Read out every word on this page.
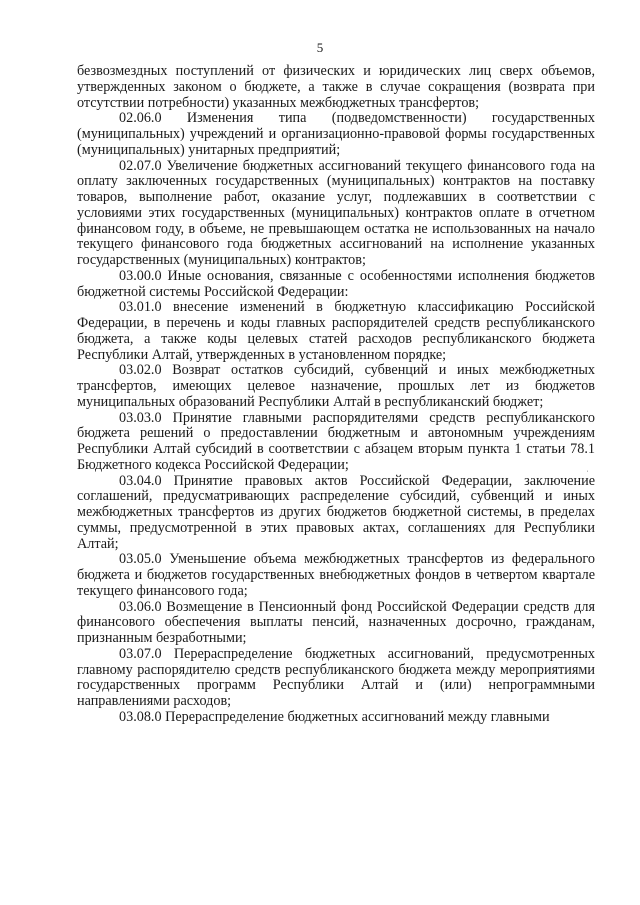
5

безвозмездных поступлений от физических и юридических лиц сверх объемов, утвержденных законом о бюджете, а также в случае сокращения (возврата при отсутствии потребности) указанных межбюджетных трансфертов;

02.06.0 Изменения типа (подведомственности) государственных (муниципальных) учреждений и организационно-правовой формы государственных (муниципальных) унитарных предприятий;

02.07.0 Увеличение бюджетных ассигнований текущего финансового года на оплату заключенных государственных (муниципальных) контрактов на поставку товаров, выполнение работ, оказание услуг, подлежавших в соответствии с условиями этих государственных (муниципальных) контрактов оплате в отчетном финансовом году, в объеме, не превышающем остатка не использованных на начало текущего финансового года бюджетных ассигнований на исполнение указанных государственных (муниципальных) контрактов;

03.00.0 Иные основания, связанные с особенностями исполнения бюджетов бюджетной системы Российской Федерации:

03.01.0 внесение изменений в бюджетную классификацию Российской Федерации, в перечень и коды главных распорядителей средств республиканского бюджета, а также коды целевых статей расходов республиканского бюджета Республики Алтай, утвержденных в установленном порядке;

03.02.0 Возврат остатков субсидий, субвенций и иных межбюджетных трансфертов, имеющих целевое назначение, прошлых лет из бюджетов муниципальных образований Республики Алтай в республиканский бюджет;

03.03.0 Принятие главными распорядителями средств республиканского бюджета решений о предоставлении бюджетным и автономным учреждениям Республики Алтай субсидий в соответствии с абзацем вторым пункта 1 статьи 78.1 Бюджетного кодекса Российской Федерации;

03.04.0 Принятие правовых актов Российской Федерации, заключение соглашений, предусматривающих распределение субсидий, субвенций и иных межбюджетных трансфертов из других бюджетов бюджетной системы, в пределах суммы, предусмотренной в этих правовых актах, соглашениях для Республики Алтай;

03.05.0 Уменьшение объема межбюджетных трансфертов из федерального бюджета и бюджетов государственных внебюджетных фондов в четвертом квартале текущего финансового года;

03.06.0 Возмещение в Пенсионный фонд Российской Федерации средств для финансового обеспечения выплаты пенсий, назначенных досрочно, гражданам, признанным безработными;

03.07.0 Перераспределение бюджетных ассигнований, предусмотренных главному распорядителю средств республиканского бюджета между мероприятиями государственных программ Республики Алтай и (или) непрограммными направлениями расходов;

03.08.0 Перераспределение бюджетных ассигнований между главными

ˌ
